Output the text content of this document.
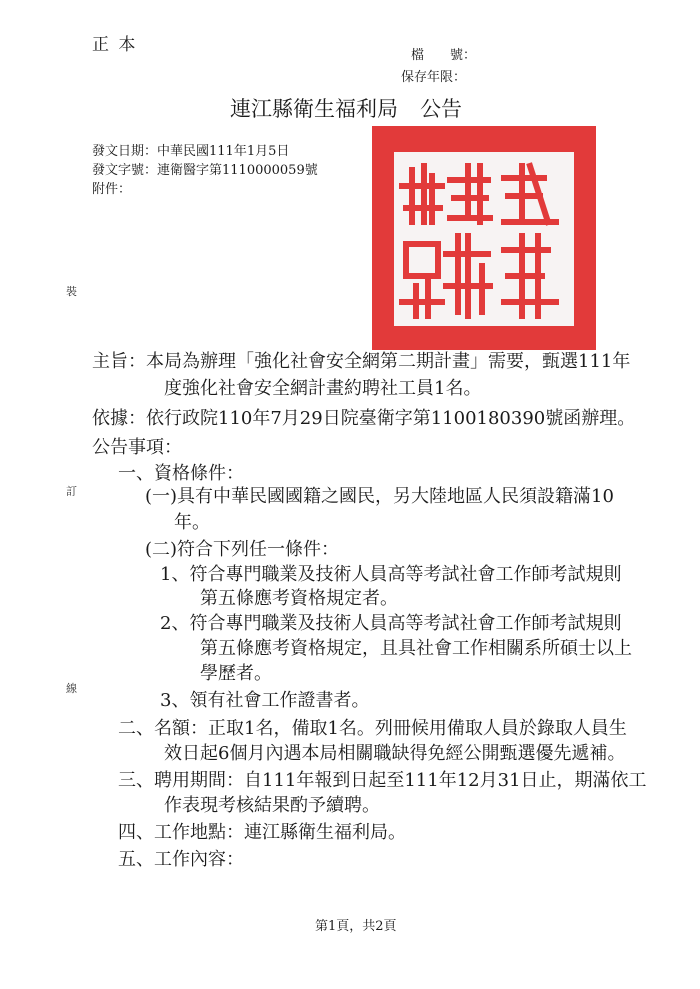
正 本
檔　　號：
保存年限：
連江縣衛生福利局 公告
發文日期：中華民國111年1月5日
發文字號：連衛醫字第1110000059號
附件：
裝
訂
線
主旨：本局為辦理「強化社會安全網第二期計畫」需要，甄選111年
度強化社會安全網計畫約聘社工員1名。
依據：依行政院110年7月29日院臺衛字第1100180390號函辦理。
公告事項：
一、資格條件：
(一)具有中華民國國籍之國民，另大陸地區人民須設籍滿10
年。
(二)符合下列任一條件：
1、符合專門職業及技術人員高等考試社會工作師考試規則
第五條應考資格規定者。
2、符合專門職業及技術人員高等考試社會工作師考試規則
第五條應考資格規定，且具社會工作相關系所碩士以上
學歷者。
3、領有社會工作證書者。
二、名額：正取1名，備取1名。列冊候用備取人員於錄取人員生
效日起6個月內遇本局相關職缺得免經公開甄選優先遞補。
三、聘用期間：自111年報到日起至111年12月31日止，期滿依工
作表現考核結果酌予續聘。
四、工作地點：連江縣衛生福利局。
五、工作內容：
第1頁，共2頁
